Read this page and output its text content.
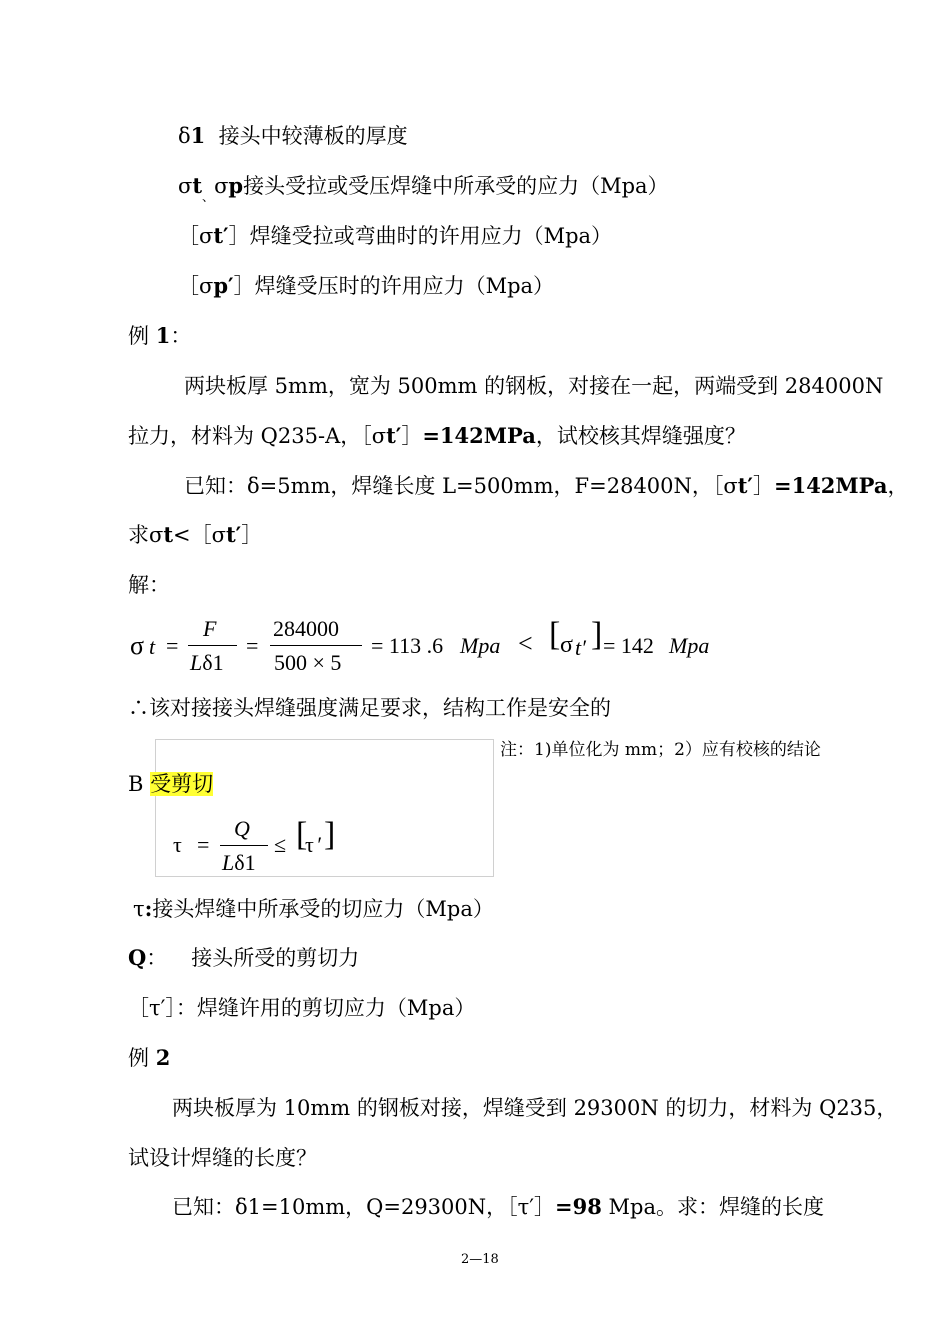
δ1 接头中较薄板的厚度
$\sigma t_、\sigma p$接头受拉或受压焊缝中所承受的应力（Mpa）
［σt′］焊缝受拉或弯曲时的许用应力（Mpa）
［σp′］焊缝受压时的许用应力（Mpa）
例 1：
两块板厚 5mm，宽为 500mm 的钢板，对接在一起，两端受到 284000N
拉力，材料为 Q235-A，［σt′］=142MPa，试校核其焊缝强度？
已知：δ=5mm，焊缝长度 L=500mm，F=28400N，［σt′］=142MPa，
求σt<［σt′］
解：
σ t =
F
Lδ1
=
284000
500 × 5
= 113 .6 Mpa < [ σ t′ ] = 142 Mpa
∴该对接接头焊缝强度满足要求，结构工作是安全的
注：1)单位化为 mm；2）应有校核的结论
B 受剪切
τ =
Q
Lδ1
≤ [
τ ′ ]
τ:接头焊缝中所承受的切应力（Mpa）
Q： 接头所受的剪切力
［τ′］：焊缝许用的剪切应力（Mpa）
例 2
两块板厚为 10mm 的钢板对接，焊缝受到 29300N 的切力，材料为 Q235，
试设计焊缝的长度？
已知：δ1=10mm，Q=29300N，［τ′］=98 Mpa。求：焊缝的长度
2—18
